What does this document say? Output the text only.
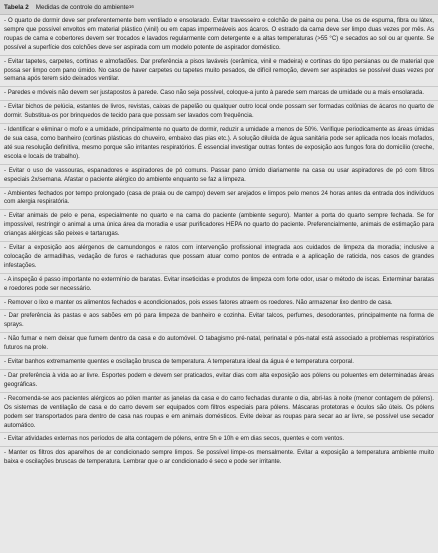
Tabela 2 Medidas de controle do ambiente 16
- O quarto de dormir deve ser preferentemente bem ventilado e ensolarado. Evitar travesseiro e colchão de paina ou pena. Use os de espuma, fibra ou látex, sempre que possível envoltos em material plástico (vinil) ou em capas impermeáveis aos ácaros. O estrado da cama deve ser limpo duas vezes por mês. As roupas de cama e cobertores devem ser trocados e lavados regularmente com detergente e a altas temperaturas (>55 °C) e secados ao sol ou ar quente. Se possível a superfície dos colchões deve ser aspirada com um modelo potente de aspirador doméstico.
- Evitar tapetes, carpetes, cortinas e almofadões. Dar preferência a pisos laváveis (cerâmica, vinil e madeira) e cortinas do tipo persianas ou de material que possa ser limpo com pano úmido. No caso de haver carpetes ou tapetes muito pesados, de difícil remoção, devem ser aspirados se possível duas vezes por semana após terem sido deixados ventilar.
- Paredes e móveis não devem ser justapostos à parede. Caso não seja possível, coloque-a junto à parede sem marcas de umidade ou a mais ensolarada.
- Evitar bichos de pelúcia, estantes de livros, revistas, caixas de papelão ou qualquer outro local onde possam ser formadas colônias de ácaros no quarto de dormir. Substitua-os por brinquedos de tecido para que possam ser lavados com frequência.
- Identificar e eliminar o mofo e a umidade, principalmente no quarto de dormir, reduzir a umidade a menos de 50%. Verifique periodicamente as áreas úmidas de sua casa, como banheiro (cortinas plásticas do chuveiro, embaixo das pias etc.). A solução diluída de água sanitária pode ser aplicada nos locais mofados, até sua resolução definitiva, mesmo porque são irritantes respiratórios. É essencial investigar outras fontes de exposição aos fungos fora do domicílio (creche, escola e locais de trabalho).
- Evitar o uso de vassouras, espanadores e aspiradores de pó comuns. Passar pano úmido diariamente na casa ou usar aspiradores de pó com filtros especiais 2x/semana. Afastar o paciente alérgico do ambiente enquanto se faz a limpeza.
- Ambientes fechados por tempo prolongado (casa de praia ou de campo) devem ser arejados e limpos pelo menos 24 horas antes da entrada dos indivíduos com alergia respiratória.
- Evitar animais de pelo e pena, especialmente no quarto e na cama do paciente (ambiente seguro). Manter a porta do quarto sempre fechada. Se for impossível, restringir o animal a uma única área da moradia e usar purificadores HEPA no quarto do paciente. Preferencialmente, animais de estimação para crianças alérgicas são peixes e tartarugas.
- Evitar a exposição aos alérgenos de camundongos e ratos com intervenção profissional integrada aos cuidados de limpeza da moradia; inclusive a colocação de armadilhas, vedação de furos e rachaduras que possam atuar como pontos de entrada e a aplicação de raticida, nos casos de grandes infestações.
- A inspeção é passo importante no extermínio de baratas. Evitar inseticidas e produtos de limpeza com forte odor, usar o método de iscas. Exterminar baratas e roedores pode ser necessário.
- Remover o lixo e manter os alimentos fechados e acondicionados, pois esses fatores atraem os roedores. Não armazenar lixo dentro de casa.
- Dar preferência às pastas e aos sabões em pó para limpeza de banheiro e cozinha. Evitar talcos, perfumes, desodorantes, principalmente na forma de sprays.
- Não fumar e nem deixar que fumem dentro da casa e do automóvel. O tabagismo pré-natal, perinatal e pós-natal está associado a problemas respiratórios futuros na prole.
- Evitar banhos extremamente quentes e oscilação brusca de temperatura. A temperatura ideal da água é e temperatura corporal.
- Dar preferência à vida ao ar livre. Esportes podem e devem ser praticados, evitar dias com alta exposição aos pólens ou poluentes em determinadas áreas geográficas.
- Recomenda-se aos pacientes alérgicos ao pólen manter as janelas da casa e do carro fechadas durante o dia, abri-las à noite (menor contagem de pólens). Os sistemas de ventilação de casa e do carro devem ser equipados com filtros especiais para pólens. Máscaras protetoras e óculos são úteis. Os pólens podem ser transportados para dentro de casa nas roupas e em animais domésticos. Evite deixar as roupas para secar ao ar livre, se possível use secador automático.
- Evitar atividades externas nos períodos de alta contagem de pólens, entre 5h e 10h e em dias secos, quentes e com ventos.
- Manter os filtros dos aparelhos de ar condicionado sempre limpos. Se possível limpe-os mensalmente. Evitar a exposição a temperatura ambiente muito baixa e oscilações bruscas de temperatura. Lembrar que o ar condicionado é seco e pode ser irritante.
